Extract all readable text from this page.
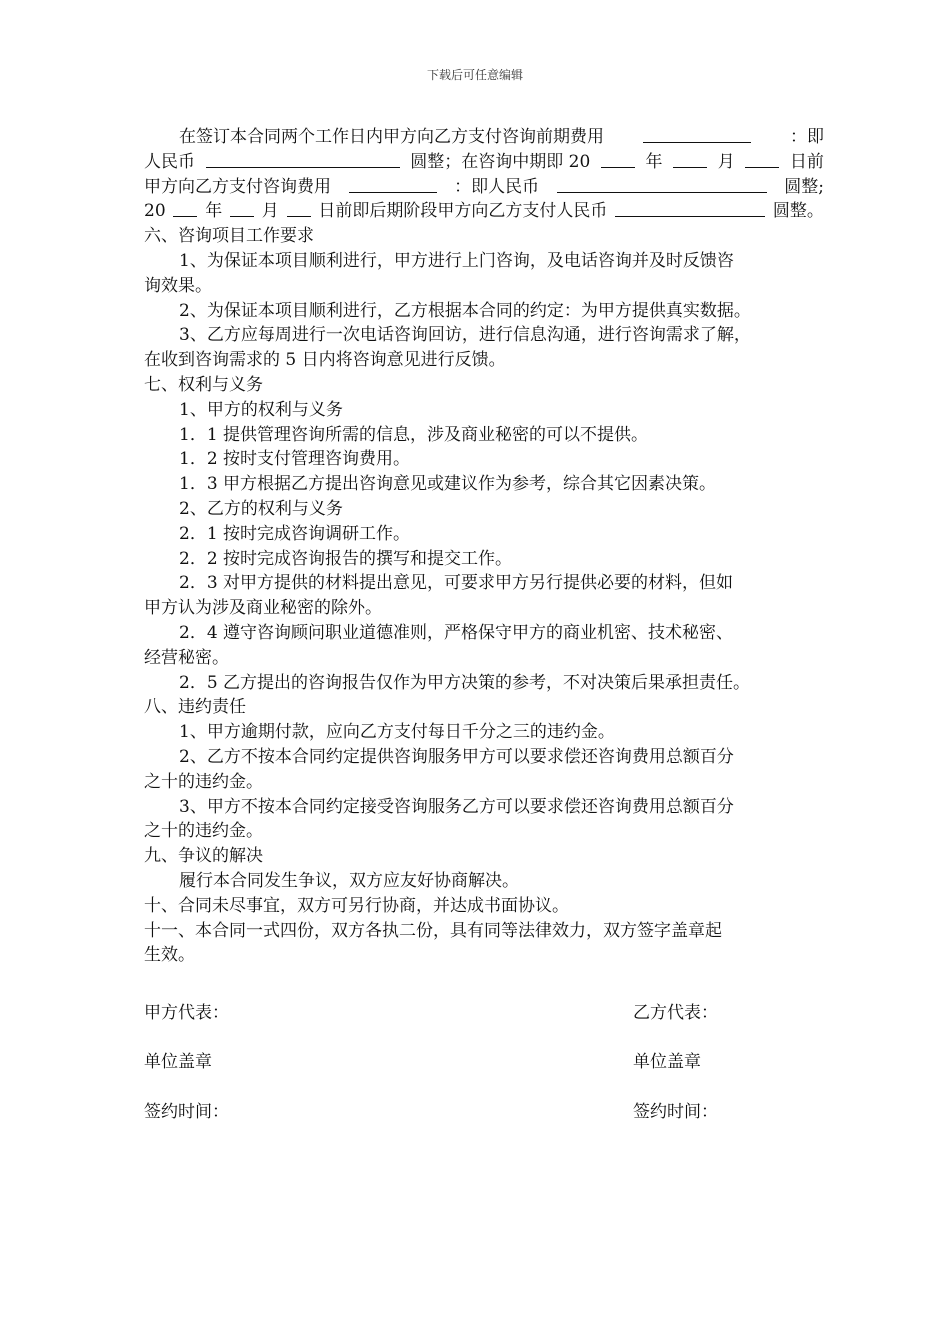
下载后可任意编辑
在签订本合同两个工作日内甲方向乙方支付咨询前期费用	：即
人民币	圆整；在咨询中期即 20	年	月	日前
甲方向乙方支付咨询费用	：即人民币	圆整;
20 年 月 日前即后期阶段甲方向乙方支付人民币	圆整。
六、咨询项目工作要求
1、为保证本项目顺利进行，甲方进行上门咨询，及电话咨询并及时反馈咨
询效果。
2、为保证本项目顺利进行，乙方根据本合同的约定：为甲方提供真实数据。
3、乙方应每周进行一次电话咨询回访，进行信息沟通，进行咨询需求了解，
在收到咨询需求的 5 日内将咨询意见进行反馈。
七、权利与义务
1、甲方的权利与义务
1．1 提供管理咨询所需的信息，涉及商业秘密的可以不提供。
1．2 按时支付管理咨询费用。
1．3 甲方根据乙方提出咨询意见或建议作为参考，综合其它因素决策。
2、乙方的权利与义务
2．1 按时完成咨询调研工作。
2．2 按时完成咨询报告的撰写和提交工作。
2．3 对甲方提供的材料提出意见，可要求甲方另行提供必要的材料，但如
甲方认为涉及商业秘密的除外。
2．4 遵守咨询顾问职业道德准则，严格保守甲方的商业机密、技术秘密、
经营秘密。
2．5 乙方提出的咨询报告仅作为甲方决策的参考，不对决策后果承担责任。
八、违约责任
1、甲方逾期付款，应向乙方支付每日千分之三的违约金。
2、乙方不按本合同约定提供咨询服务甲方可以要求偿还咨询费用总额百分
之十的违约金。
3、甲方不按本合同约定接受咨询服务乙方可以要求偿还咨询费用总额百分
之十的违约金。
九、争议的解决
履行本合同发生争议，双方应友好协商解决。
十、合同未尽事宜，双方可另行协商，并达成书面协议。
十一、本合同一式四份，双方各执二份，具有同等法律效力，双方签字盖章起
生效。
甲方代表：	乙方代表：
单位盖章	单位盖章
签约时间：	签约时间：
